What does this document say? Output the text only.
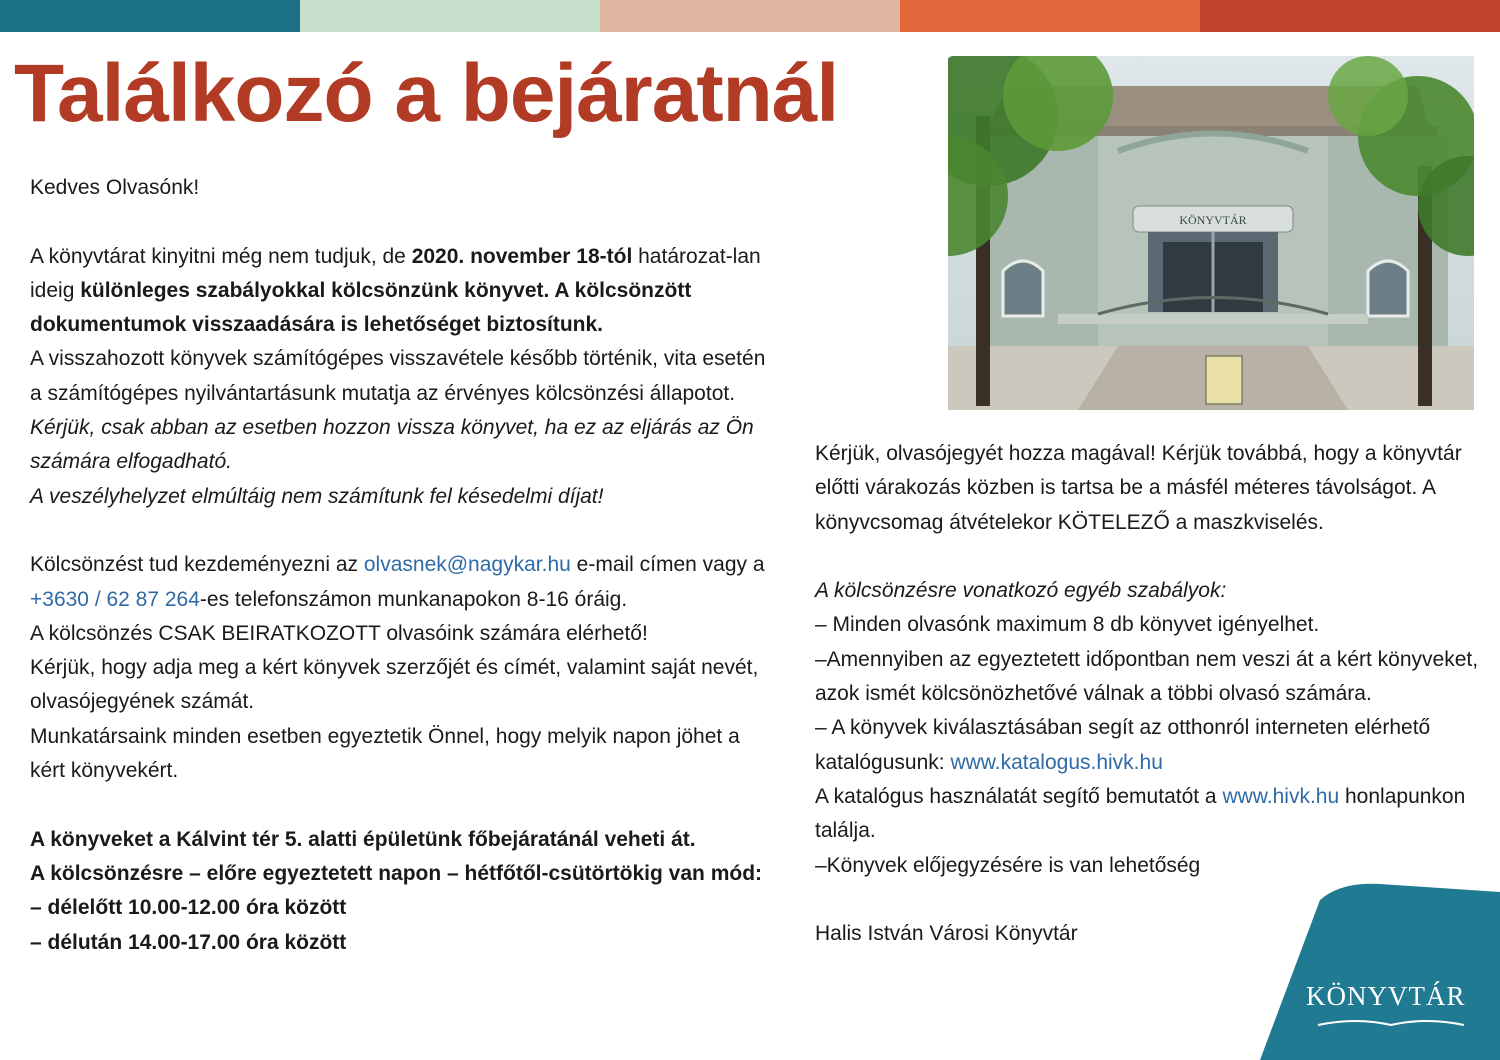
Találkozó a bejáratnál

Kedves Olvasónk!

A könyvtárat kinyitni még nem tudjuk, de 2020. november 18-tól határozat-lan ideig különleges szabályokkal kölcsönzünk könyvet. A kölcsönzött dokumentumok visszaadására is lehetőséget biztosítunk.

A visszahozott könyvek számítógépes visszavétele később történik, vita esetén a számítógépes nyilvántartásunk mutatja az érvényes kölcsönzési állapotot.

Kérjük, csak abban az esetben hozzon vissza könyvet, ha ez az eljárás az Ön számára elfogadható.

A veszélyhelyzet elmúltáig nem számítunk fel késedelmi díjat!

Kölcsönzést tud kezdeményezni az olvasnek@nagykar.hu e-mail címen vagy a +3630 / 62 87 264-es telefonszámon munkanapokon 8-16 óráig.

A kölcsönzés CSAK BEIRATKOZOTT olvasóink számára elérhető!

Kérjük, hogy adja meg a kért könyvek szerzőjét és címét, valamint saját nevét, olvasójegyének számát.

Munkatársaink minden esetben egyeztetik Önnel, hogy melyik napon jöhet a kért könyvekért.

A könyveket a Kálvint tér 5. alatti épületünk főbejáratánál veheti át.

A kölcsönzésre – előre egyeztetett napon – hétfőtől-csütörtökig van mód:

– délelőtt 10.00-12.00 óra között

– délután 14.00-17.00 óra között

KÖNYVTÁR

Kérjük, olvasójegyét hozza magával! Kérjük továbbá, hogy a könyvtár előtti várakozás közben is tartsa be a másfél méteres távolságot. A könyvcsomag átvételekor KÖTELEZŐ a maszkviselés.

A kölcsönzésre vonatkozó egyéb szabályok:

– Minden olvasónk maximum 8 db könyvet igényelhet.

–Amennyiben az egyeztetett időpontban nem veszi át a kért könyveket, azok ismét kölcsönözhetővé válnak a többi olvasó számára.

– A könyvek kiválasztásában segít az otthonról interneten elérhető katalógusunk: www.katalogus.hivk.hu

A katalógus használatát segítő bemutatót a www.hivk.hu honlapunkon találja.

–Könyvek előjegyzésére is van lehetőség

Halis István Városi Könyvtár

KÖNYVTÁR
